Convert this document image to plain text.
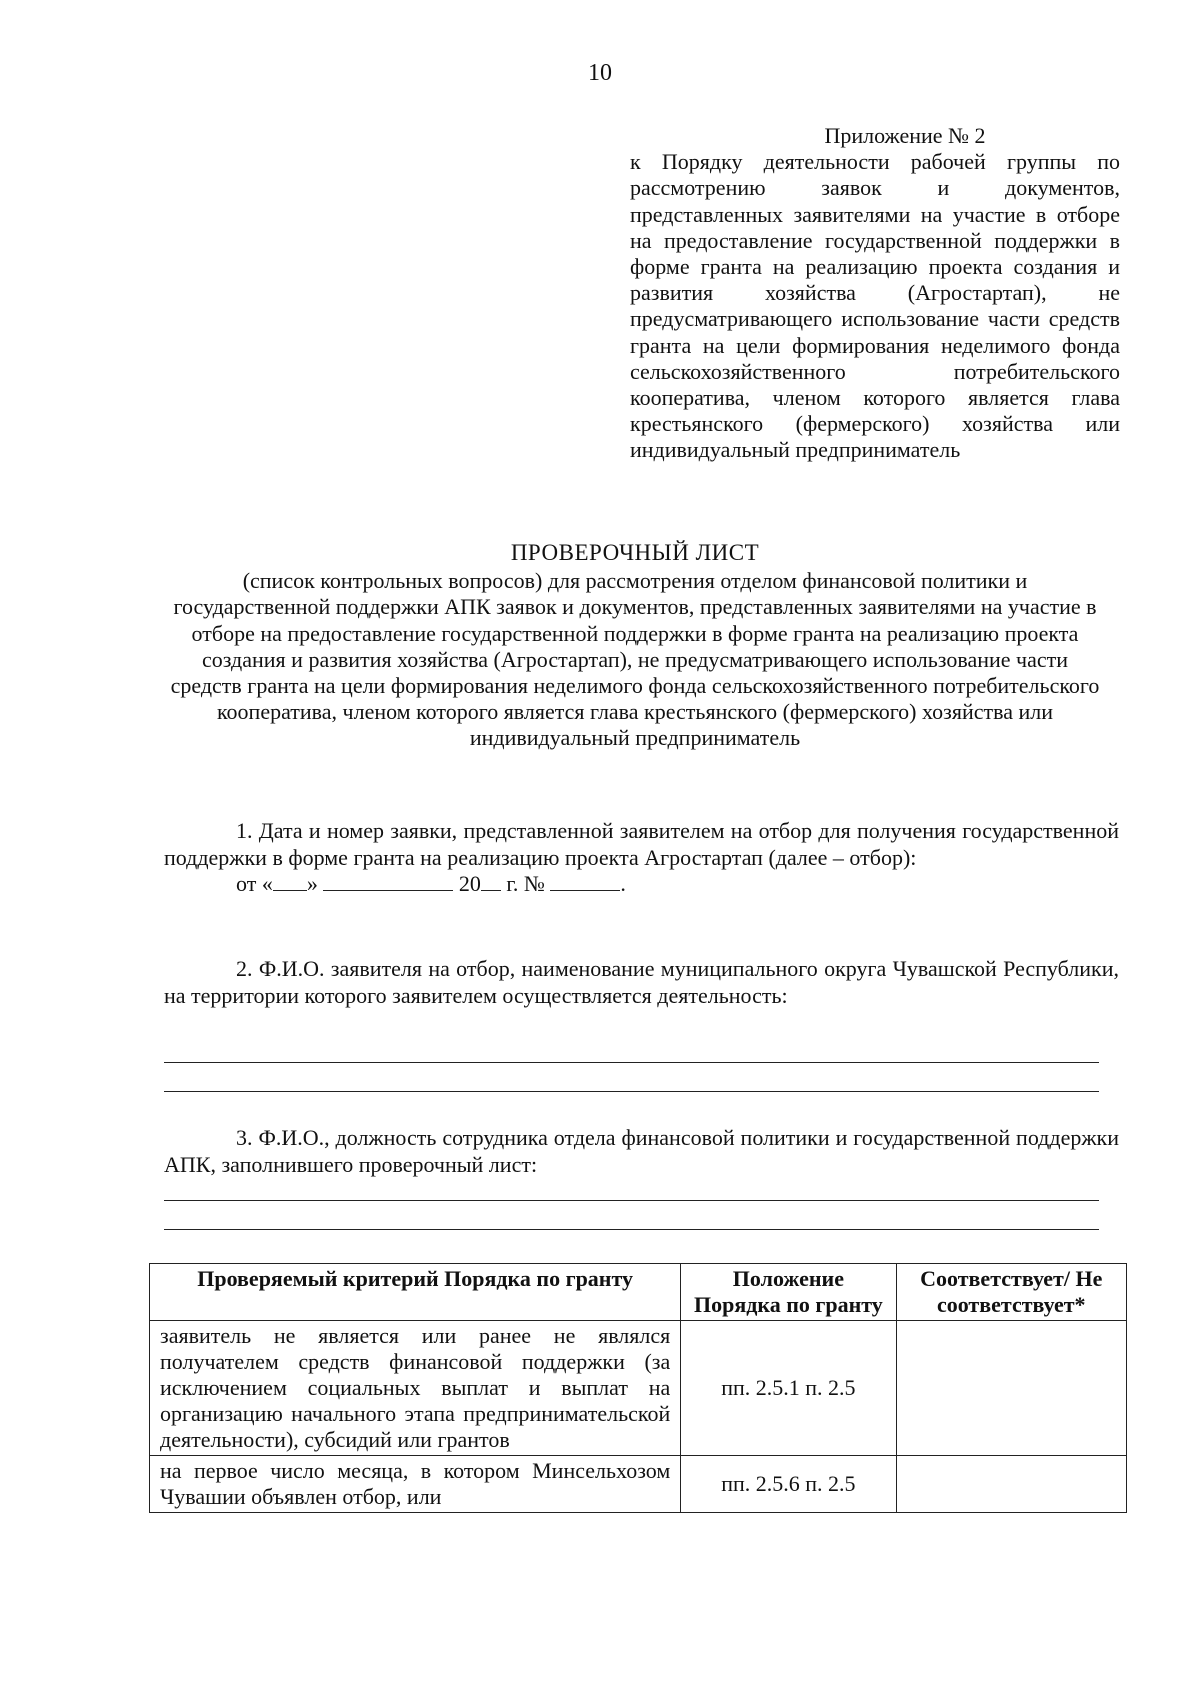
10
Приложение № 2
к Порядку деятельности рабочей группы по рассмотрению заявок и документов, представленных заявителями на участие в отборе на предоставление государственной поддержки в форме гранта на реализацию проекта создания и развития хозяйства (Агростартап), не предусматривающего использование части средств гранта на цели формирования неделимого фонда сельскохозяйственного потребительского кооператива, членом которого является глава крестьянского (фермерского) хозяйства или индивидуальный предприниматель
ПРОВЕРОЧНЫЙ ЛИСТ
(список контрольных вопросов) для рассмотрения отделом финансовой политики и государственной поддержки АПК заявок и документов, представленных заявителями на участие в отборе на предоставление государственной поддержки в форме гранта на реализацию проекта создания и развития хозяйства (Агростартап), не предусматривающего использование части средств гранта на цели формирования неделимого фонда сельскохозяйственного потребительского кооператива, членом которого является глава крестьянского (фермерского) хозяйства или индивидуальный предприниматель
1. Дата и номер заявки, представленной заявителем на отбор для получения государственной поддержки в форме гранта на реализацию проекта Агростартап (далее – отбор):
от « »	20 г. №	.
2. Ф.И.О. заявителя на отбор, наименование муниципального округа Чувашской Республики, на территории которого заявителем осуществляется деятельность:
3. Ф.И.О., должность сотрудника отдела финансовой политики и государственной поддержки АПК, заполнившего проверочный лист:
Проверяемый критерий Порядка по гранту	Положение Порядка по гранту	Соответствует/ Не соответствует*
заявитель не является или ранее не являлся получателем средств финансовой поддержки (за исключением социальных выплат и выплат на организацию начального этапа предпринимательской деятельности), субсидий или грантов	пп. 2.5.1 п. 2.5	
на первое число месяца, в котором Минсельхозом Чувашии объявлен отбор, или	пп. 2.5.6 п. 2.5	
